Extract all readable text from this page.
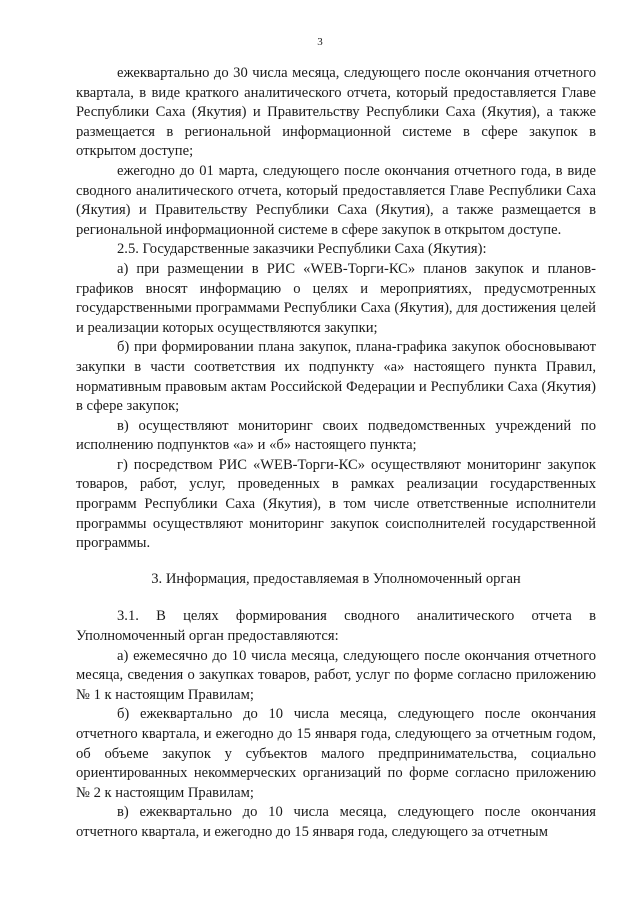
3

ежеквартально до 30 числа месяца, следующего после окончания отчетного квартала, в виде краткого аналитического отчета, который предоставляется Главе Республики Саха (Якутия) и Правительству Республики Саха (Якутия), а также размещается в региональной информационной системе в сфере закупок в открытом доступе;

ежегодно до 01 марта, следующего после окончания отчетного года, в виде сводного аналитического отчета, который предоставляется Главе Республики Саха (Якутия) и Правительству Республики Саха (Якутия), а также размещается в региональной информационной системе в сфере закупок в открытом доступе.

2.5. Государственные заказчики Республики Саха (Якутия):

а) при размещении в РИС «WEB-Торги-КС» планов закупок и планов-графиков вносят информацию о целях и мероприятиях, предусмотренных государственными программами Республики Саха (Якутия), для достижения целей и реализации которых осуществляются закупки;

б) при формировании плана закупок, плана-графика закупок обосновывают закупки в части соответствия их подпункту «а» настоящего пункта Правил, нормативным правовым актам Российской Федерации и Республики Саха (Якутия) в сфере закупок;

в) осуществляют мониторинг своих подведомственных учреждений по исполнению подпунктов «а» и «б» настоящего пункта;

г) посредством РИС «WEB-Торги-КС» осуществляют мониторинг закупок товаров, работ, услуг, проведенных в рамках реализации государственных программ Республики Саха (Якутия), в том числе ответственные исполнители программы осуществляют мониторинг закупок соисполнителей государственной программы.

3. Информация, предоставляемая в Уполномоченный орган

3.1. В целях формирования сводного аналитического отчета в Уполномоченный орган предоставляются:

а) ежемесячно до 10 числа месяца, следующего после окончания отчетного месяца, сведения о закупках товаров, работ, услуг по форме согласно приложению № 1 к настоящим Правилам;

б) ежеквартально до 10 числа месяца, следующего после окончания отчетного квартала, и ежегодно до 15 января года, следующего за отчетным годом, об объеме закупок у субъектов малого предпринимательства, социально ориентированных некоммерческих организаций по форме согласно приложению № 2 к настоящим Правилам;

в) ежеквартально до 10 числа месяца, следующего после окончания отчетного квартала, и ежегодно до 15 января года, следующего за отчетным
